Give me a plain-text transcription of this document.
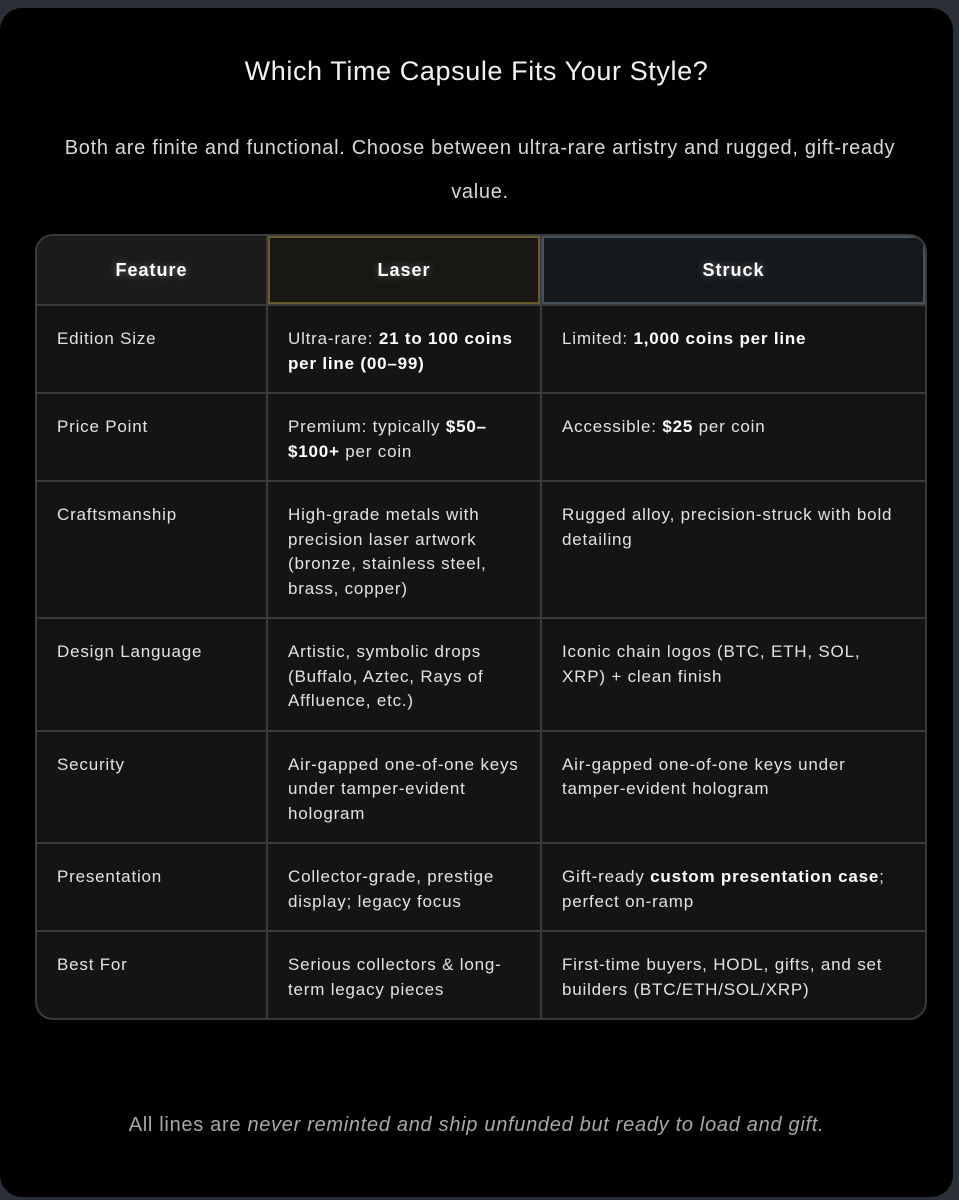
Which Time Capsule Fits Your Style?
Both are finite and functional. Choose between ultra-rare artistry and rugged, gift-ready value.
Feature	Laser	Struck
Edition Size	Ultra-rare: 21 to 100 coins per line (00–99)	Limited: 1,000 coins per line
Price Point	Premium: typically $50–$100+ per coin	Accessible: $25 per coin
Craftsmanship	High-grade metals with precision laser artwork (bronze, stainless steel, brass, copper)	Rugged alloy, precision-struck with bold detailing
Design Language	Artistic, symbolic drops (Buffalo, Aztec, Rays of Affluence, etc.)	Iconic chain logos (BTC, ETH, SOL, XRP) + clean finish
Security	Air-gapped one-of-one keys under tamper-evident hologram	Air-gapped one-of-one keys under tamper-evident hologram
Presentation	Collector-grade, prestige display; legacy focus	Gift-ready custom presentation case; perfect on-ramp
Best For	Serious collectors & long-term legacy pieces	First-time buyers, HODL, gifts, and set builders (BTC/ETH/SOL/XRP)
All lines are never reminted and ship unfunded but ready to load and gift.
